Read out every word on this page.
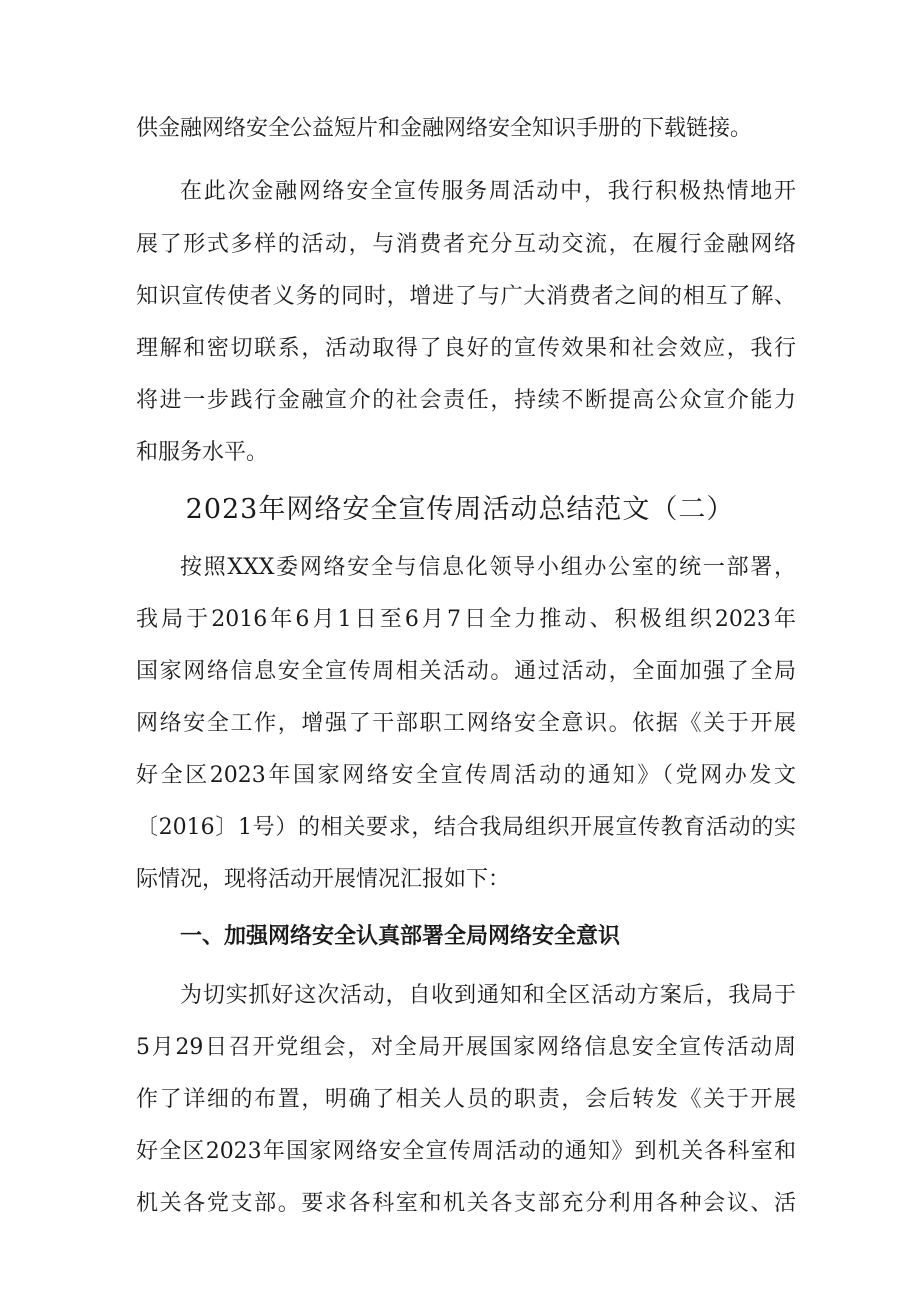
供金融网络安全公益短片和金融网络安全知识手册的下载链接。
在此次金融网络安全宣传服务周活动中，我行积极热情地开
展了形式多样的活动，与消费者充分互动交流，在履行金融网络
知识宣传使者义务的同时，增进了与广大消费者之间的相互了解、
理解和密切联系，活动取得了良好的宣传效果和社会效应，我行
将进一步践行金融宣介的社会责任，持续不断提高公众宣介能力
和服务水平。
2023年网络安全宣传周活动总结范文（二）
按照XXX委网络安全与信息化领导小组办公室的统一部署，
我局于2016年6月1日至6月7日全力推动、积极组织2023年
国家网络信息安全宣传周相关活动。通过活动，全面加强了全局
网络安全工作，增强了干部职工网络安全意识。依据《关于开展
好全区2023年国家网络安全宣传周活动的通知》（党网办发文
〔2016〕1号）的相关要求，结合我局组织开展宣传教育活动的实
际情况，现将活动开展情况汇报如下：
一、加强网络安全认真部署全局网络安全意识
为切实抓好这次活动，自收到通知和全区活动方案后，我局于
5月29日召开党组会，对全局开展国家网络信息安全宣传活动周
作了详细的布置，明确了相关人员的职责，会后转发《关于开展
好全区2023年国家网络安全宣传周活动的通知》到机关各科室和
机关各党支部。要求各科室和机关各支部充分利用各种会议、活
